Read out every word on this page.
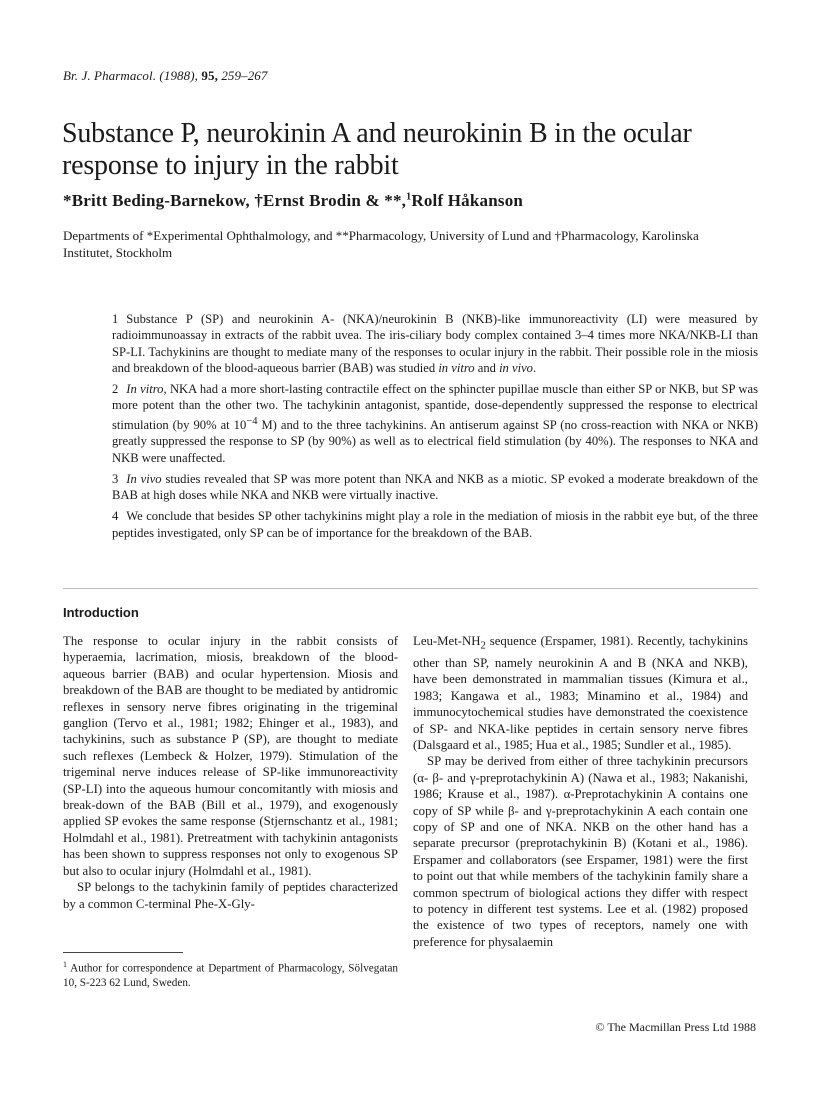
Br. J. Pharmacol. (1988), 95, 259–267
Substance P, neurokinin A and neurokinin B in the ocular response to injury in the rabbit
*Britt Beding-Barnekow, †Ernst Brodin & **,$^1$Rolf Håkanson
Departments of *Experimental Ophthalmology, and **Pharmacology, University of Lund and †Pharmacology, Karolinska Institutet, Stockholm

1 Substance P (SP) and neurokinin A- (NKA)/neurokinin B (NKB)-like immunoreactivity (LI) were measured by radioimmunoassay in extracts of the rabbit uvea. The iris-ciliary body complex contained 3–4 times more NKA/NKB-LI than SP-LI. Tachykinins are thought to mediate many of the responses to ocular injury in the rabbit. Their possible role in the miosis and breakdown of the blood-aqueous barrier (BAB) was studied in vitro and in vivo.

2 In vitro, NKA had a more short-lasting contractile effect on the sphincter pupillae muscle than either SP or NKB, but SP was more potent than the other two. The tachykinin antagonist, spantide, dose-dependently suppressed the response to electrical stimulation (by 90% at $10^{-4}$ M) and to the three tachykinins. An antiserum against SP (no cross-reaction with NKA or NKB) greatly suppressed the response to SP (by 90%) as well as to electrical field stimulation (by 40%). The responses to NKA and NKB were unaffected.

3 In vivo studies revealed that SP was more potent than NKA and NKB as a miotic. SP evoked a moderate breakdown of the BAB at high doses while NKA and NKB were virtually inactive.

4 We conclude that besides SP other tachykinins might play a role in the mediation of miosis in the rabbit eye but, of the three peptides investigated, only SP can be of importance for the breakdown of the BAB.

Introduction

The response to ocular injury in the rabbit consists of hyperaemia, lacrimation, miosis, breakdown of the blood-aqueous barrier (BAB) and ocular hypertension. Miosis and breakdown of the BAB are thought to be mediated by antidromic reflexes in sensory nerve fibres originating in the trigeminal ganglion (Tervo et al., 1981; 1982; Ehinger et al., 1983), and tachykinins, such as substance P (SP), are thought to mediate such reflexes (Lembeck & Holzer, 1979). Stimulation of the trigeminal nerve induces release of SP-like immunoreactivity (SP-LI) into the aqueous humour concomitantly with miosis and break-down of the BAB (Bill et al., 1979), and exogenously applied SP evokes the same response (Stjernschantz et al., 1981; Holmdahl et al., 1981). Pretreatment with tachykinin antagonists has been shown to suppress responses not only to exogenous SP but also to ocular injury (Holmdahl et al., 1981).

SP belongs to the tachykinin family of peptides characterized by a common C-terminal Phe-X-Gly-

Leu-$Met-NH_2$ sequence (Erspamer, 1981). Recently, tachykinins other than SP, namely neurokinin A and B (NKA and NKB), have been demonstrated in mammalian tissues (Kimura et al., 1983; Kangawa et al., 1983; Minamino et al., 1984) and immunocytochemical studies have demonstrated the coexistence of SP- and NKA-like peptides in certain sensory nerve fibres (Dalsgaard et al., 1985; Hua et al., 1985; Sundler et al., 1985).

SP may be derived from either of three tachykinin precursors (α- β- and γ-preprotachykinin A) (Nawa et al., 1983; Nakanishi, 1986; Krause et al., 1987). α-Preprotachykinin A contains one copy of SP while β- and γ-preprotachykinin A each contain one copy of SP and one of NKA. NKB on the other hand has a separate precursor (preprotachykinin B) (Kotani et al., 1986). Erspamer and collaborators (see Erspamer, 1981) were the first to point out that while members of the tachykinin family share a common spectrum of biological actions they differ with respect to potency in different test systems. Lee et al. (1982) proposed the existence of two types of receptors, namely one with preference for physalaemin

$^1$ Author for correspondence at Department of Pharmacology, Sölvegatan 10, S-223 62 Lund, Sweden.
© The Macmillan Press Ltd 1988
